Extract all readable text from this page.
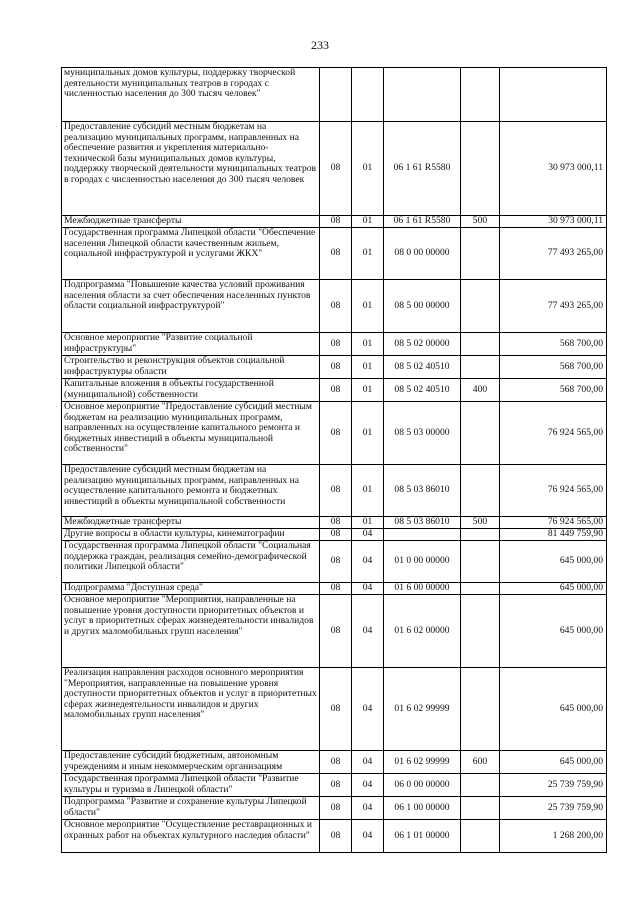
233
муниципальных домов культуры, поддержку творческой деятельности муниципальных театров в городах с численностью населения до 300 тысяч человек"					
Предоставление субсидий местным бюджетам на реализацию муниципальных программ, направленных на обеспечение развития и укрепления материально-технической базы муниципальных домов культуры, поддержку творческой деятельности муниципальных театров в городах с численностью населения до 300 тысяч человек	08	01	06 1 61 R5580		30 973 000,11
Межбюджетные трансферты	08	01	06 1 61 R5580	500	30 973 000,11
Государственная программа Липецкой области "Обеспечение населения Липецкой области качественным жильем, социальной инфраструктурой и услугами ЖКХ"	08	01	08 0 00 00000		77 493 265,00
Подпрограмма "Повышение качества условий проживания населения области за счет обеспечения населенных пунктов области социальной инфраструктурой"	08	01	08 5 00 00000		77 493 265,00
Основное мероприятие "Развитие социальной инфраструктуры"	08	01	08 5 02 00000		568 700,00
Строительство и реконструкция объектов социальной инфраструктуры области	08	01	08 5 02 40510		568 700,00
Капитальные вложения в объекты государственной (муниципальной) собственности	08	01	08 5 02 40510	400	568 700,00
Основное мероприятие "Предоставление субсидий местным бюджетам на реализацию муниципальных программ, направленных на осуществление капитального ремонта и бюджетных инвестиций в объекты муниципальной собственности"	08	01	08 5 03 00000		76 924 565,00
Предоставление субсидий местным бюджетам на реализацию муниципальных программ, направленных на осуществление капитального ремонта и бюджетных инвестиций в объекты муниципальной собственности	08	01	08 5 03 86010		76 924 565,00
Межбюджетные трансферты	08	01	08 5 03 86010	500	76 924 565,00
Другие вопросы в области культуры, кинематографии	08	04			81 449 759,90
Государственная программа Липецкой области "Социальная поддержка граждан, реализация семейно-демографической политики Липецкой области"	08	04	01 0 00 00000		645 000,00
Подпрограмма "Доступная среда"	08	04	01 6 00 00000		645 000,00
Основное мероприятие "Мероприятия, направленные на повышение уровня доступности приоритетных объектов и услуг в приоритетных сферах жизнедеятельности инвалидов и других маломобильных групп населения"	08	04	01 6 02 00000		645 000,00
Реализация направления расходов основного мероприятия "Мероприятия, направленные на повышение уровня доступности приоритетных объектов и услуг в приоритетных сферах жизнедеятельности инвалидов и других маломобильных групп населения"	08	04	01 6 02 99999		645 000,00
Предоставление субсидий бюджетным, автономным учреждениям и иным некоммерческим организациям	08	04	01 6 02 99999	600	645 000,00
Государственная программа Липецкой области "Развитие культуры и туризма в Липецкой области"	08	04	06 0 00 00000		25 739 759,90
Подпрограмма "Развитие и сохранение культуры Липецкой области"	08	04	06 1 00 00000		25 739 759,90
Основное мероприятие "Осуществление реставрационных и охранных работ на объектах культурного наследия области"	08	04	06 1 01 00000		1 268 200,00
